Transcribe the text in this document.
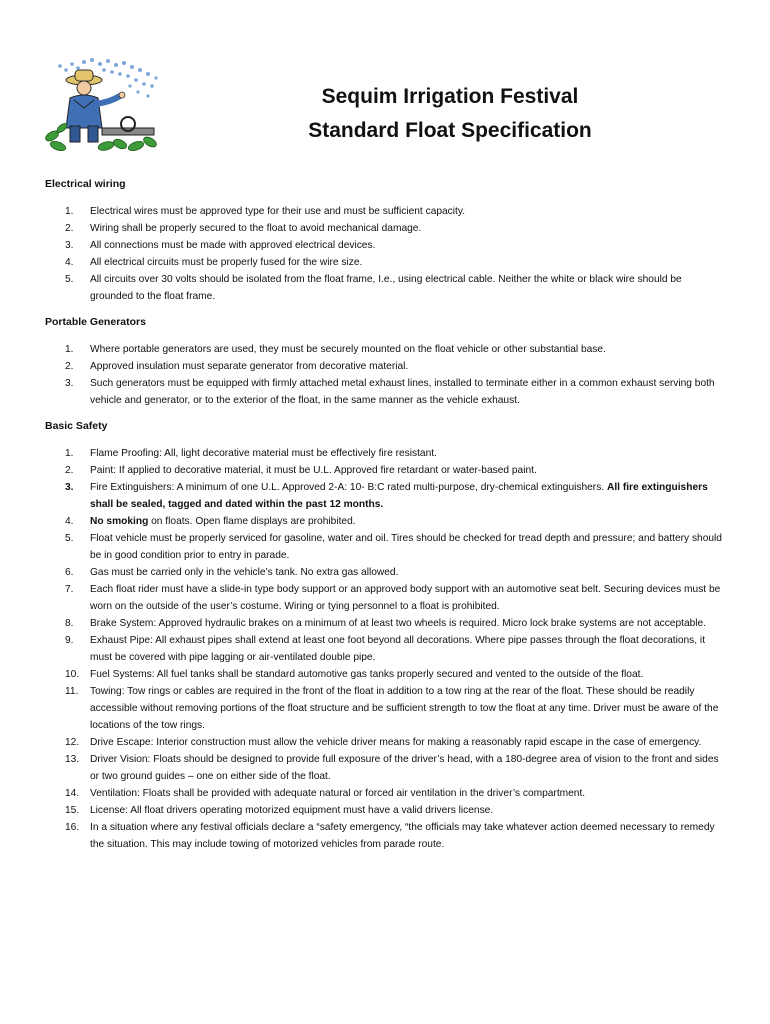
Sequim Irrigation Festival
Standard Float Specification
Electrical wiring
1.	Electrical wires must be approved type for their use and must be sufficient capacity.
2.	Wiring shall be properly secured to the float to avoid mechanical damage.
3.	All connections must be made with approved electrical devices.
4.	All electrical circuits must be properly fused for the wire size.
5.	All circuits over 30 volts should be isolated from the float frame, I.e., using electrical cable. Neither the white or black wire should be grounded to the float frame.
Portable Generators
1.	Where portable generators are used, they must be securely mounted on the float vehicle or other substantial base.
2.	Approved insulation must separate generator from decorative material.
3.	Such generators must be equipped with firmly attached metal exhaust lines, installed to terminate either in a common exhaust serving both vehicle and generator, or to the exterior of the float, in the same manner as the vehicle exhaust.
Basic Safety
1.	Flame Proofing: All, light decorative material must be effectively fire resistant.
2.	Paint: If applied to decorative material, it must be U.L. Approved fire retardant or water-based paint.
3.	Fire Extinguishers: A minimum of one U.L. Approved 2-A: 10- B:C rated multi-purpose, dry-chemical extinguishers. All fire extinguishers shall be sealed, tagged and dated within the past 12 months.
4.	No smoking on floats. Open flame displays are prohibited.
5.	Float vehicle must be properly serviced for gasoline, water and oil. Tires should be checked for tread depth and pressure; and battery should be in good condition prior to entry in parade.
6.	Gas must be carried only in the vehicle’s tank. No extra gas allowed.
7.	Each float rider must have a slide-in type body support or an approved body support with an automotive seat belt. Securing devices must be worn on the outside of the user’s costume. Wiring or tying personnel to a float is prohibited.
8.	Brake System: Approved hydraulic brakes on a minimum of at least two wheels is required. Micro lock brake systems are not acceptable.
9.	Exhaust Pipe: All exhaust pipes shall extend at least one foot beyond all decorations. Where pipe passes through the float decorations, it must be covered with pipe lagging or air-ventilated double pipe.
10.	Fuel Systems: All fuel tanks shall be standard automotive gas tanks properly secured and vented to the outside of the float.
11.	Towing: Tow rings or cables are required in the front of the float in addition to a tow ring at the rear of the float. These should be readily accessible without removing portions of the float structure and be sufficient strength to tow the float at any time. Driver must be aware of the locations of the tow rings.
12.	Drive Escape: Interior construction must allow the vehicle driver means for making a reasonably rapid escape in the case of emergency.
13.	Driver Vision: Floats should be designed to provide full exposure of the driver’s head, with a 180-degree area of vision to the front and sides or two ground guides – one on either side of the float.
14.	Ventilation: Floats shall be provided with adequate natural or forced air ventilation in the driver’s compartment.
15.	License: All float drivers operating motorized equipment must have a valid drivers license.
16.	In a situation where any festival officials declare a “safety emergency, “the officials may take whatever action deemed necessary to remedy the situation. This may include towing of motorized vehicles from parade route.
